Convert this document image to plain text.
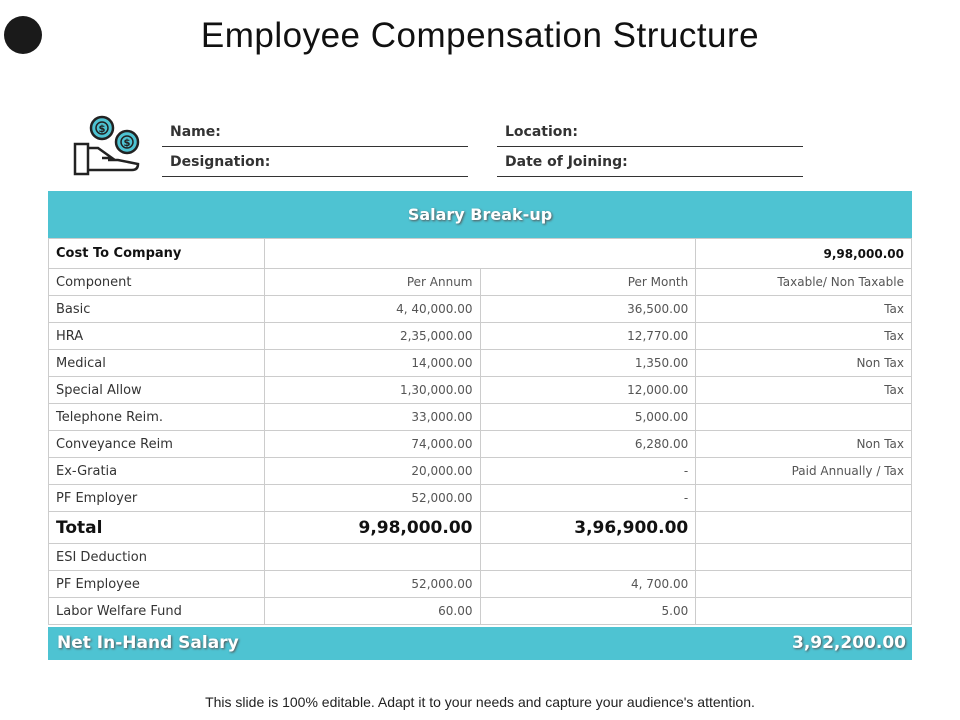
Employee Compensation Structure
$
$
Name:
Designation:
Location:
Date of Joining:
Salary Break-up
Cost To Company			9,98,000.00
Component	Per Annum	Per Month	Taxable/ Non Taxable
Basic	4, 40,000.00	36,500.00	Tax
HRA	2,35,000.00	12,770.00	Tax
Medical	14,000.00	1,350.00	Non Tax
Special Allow	1,30,000.00	12,000.00	Tax
Telephone Reim.	33,000.00	5,000.00	
Conveyance Reim	74,000.00	6,280.00	Non Tax
Ex-Gratia	20,000.00	-	Paid Annually / Tax
PF Employer	52,000.00	-	
Total	9,98,000.00	3,96,900.00	
ESI Deduction			
PF Employee	52,000.00	4, 700.00	
Labor Welfare Fund	60.00	5.00	
Net In-Hand Salary	3,92,200.00
This slide is 100% editable. Adapt it to your needs and capture your audience's attention.
